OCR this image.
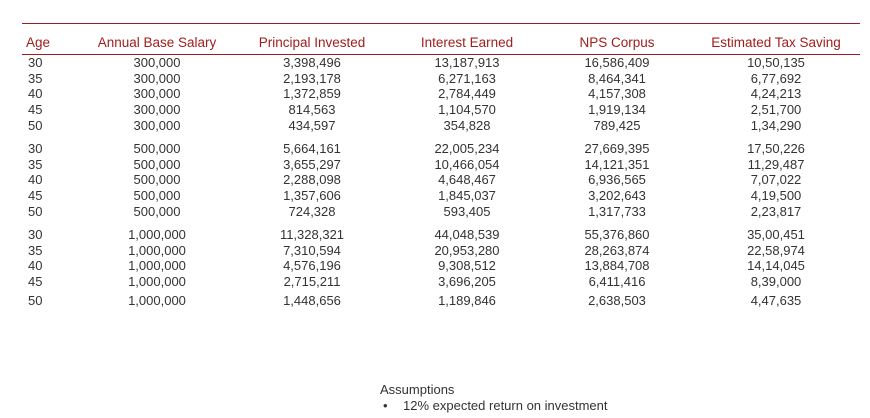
Age	Annual Base Salary	Principal Invested	Interest Earned	NPS Corpus	Estimated Tax Saving
30	300,000	3,398,496	13,187,913	16,586,409	10,50,135
35	300,000	2,193,178	6,271,163	8,464,341	6,77,692
40	300,000	1,372,859	2,784,449	4,157,308	4,24,213
45	300,000	814,563	1,104,570	1,919,134	2,51,700
50	300,000	434,597	354,828	789,425	1,34,290
30	500,000	5,664,161	22,005,234	27,669,395	17,50,226
35	500,000	3,655,297	10,466,054	14,121,351	11,29,487
40	500,000	2,288,098	4,648,467	6,936,565	7,07,022
45	500,000	1,357,606	1,845,037	3,202,643	4,19,500
50	500,000	724,328	593,405	1,317,733	2,23,817
30	1,000,000	11,328,321	44,048,539	55,376,860	35,00,451
35	1,000,000	7,310,594	20,953,280	28,263,874	22,58,974
40	1,000,000	4,576,196	9,308,512	13,884,708	14,14,045
45	1,000,000	2,715,211	3,696,205	6,411,416	8,39,000
50	1,000,000	1,448,656	1,189,846	2,638,503	4,47,635
Assumptions
• 12% expected return on investment
